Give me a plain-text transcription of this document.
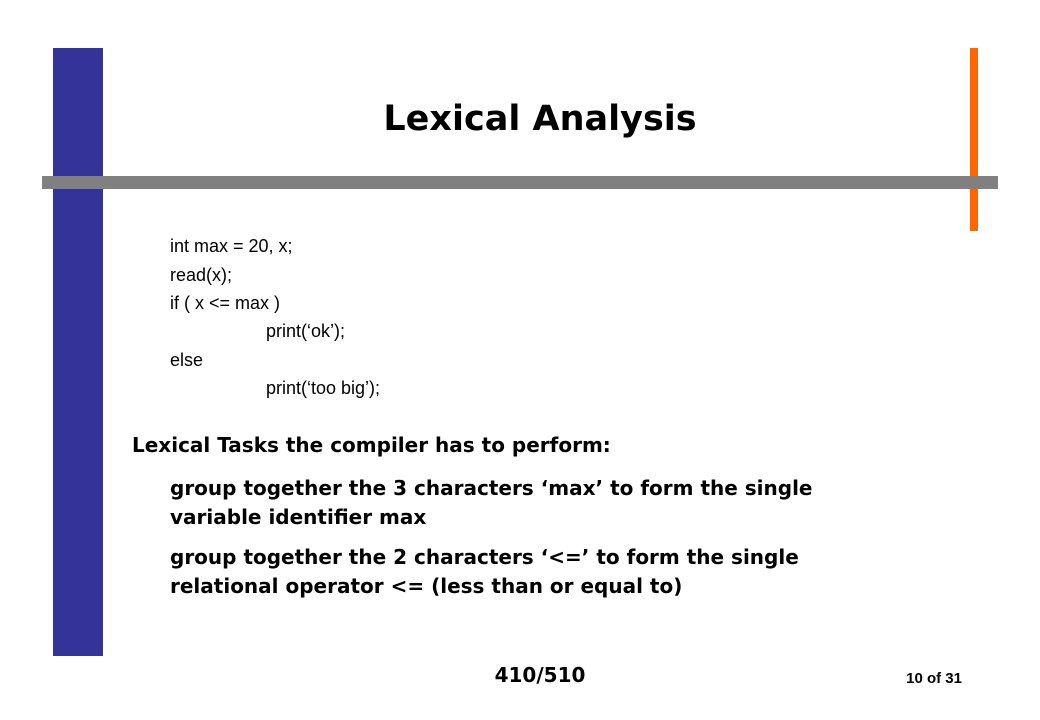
Lexical Analysis
int max = 20, x;
read(x);
if ( x <= max )
print(‘ok’);
else
print(‘too big’);
Lexical Tasks the compiler has to perform:
group together the 3 characters ‘max’ to form the single
variable identifier max
group together the 2 characters ‘<=’ to form the single
relational operator <= (less than or equal to)
410/510	10 of 31
